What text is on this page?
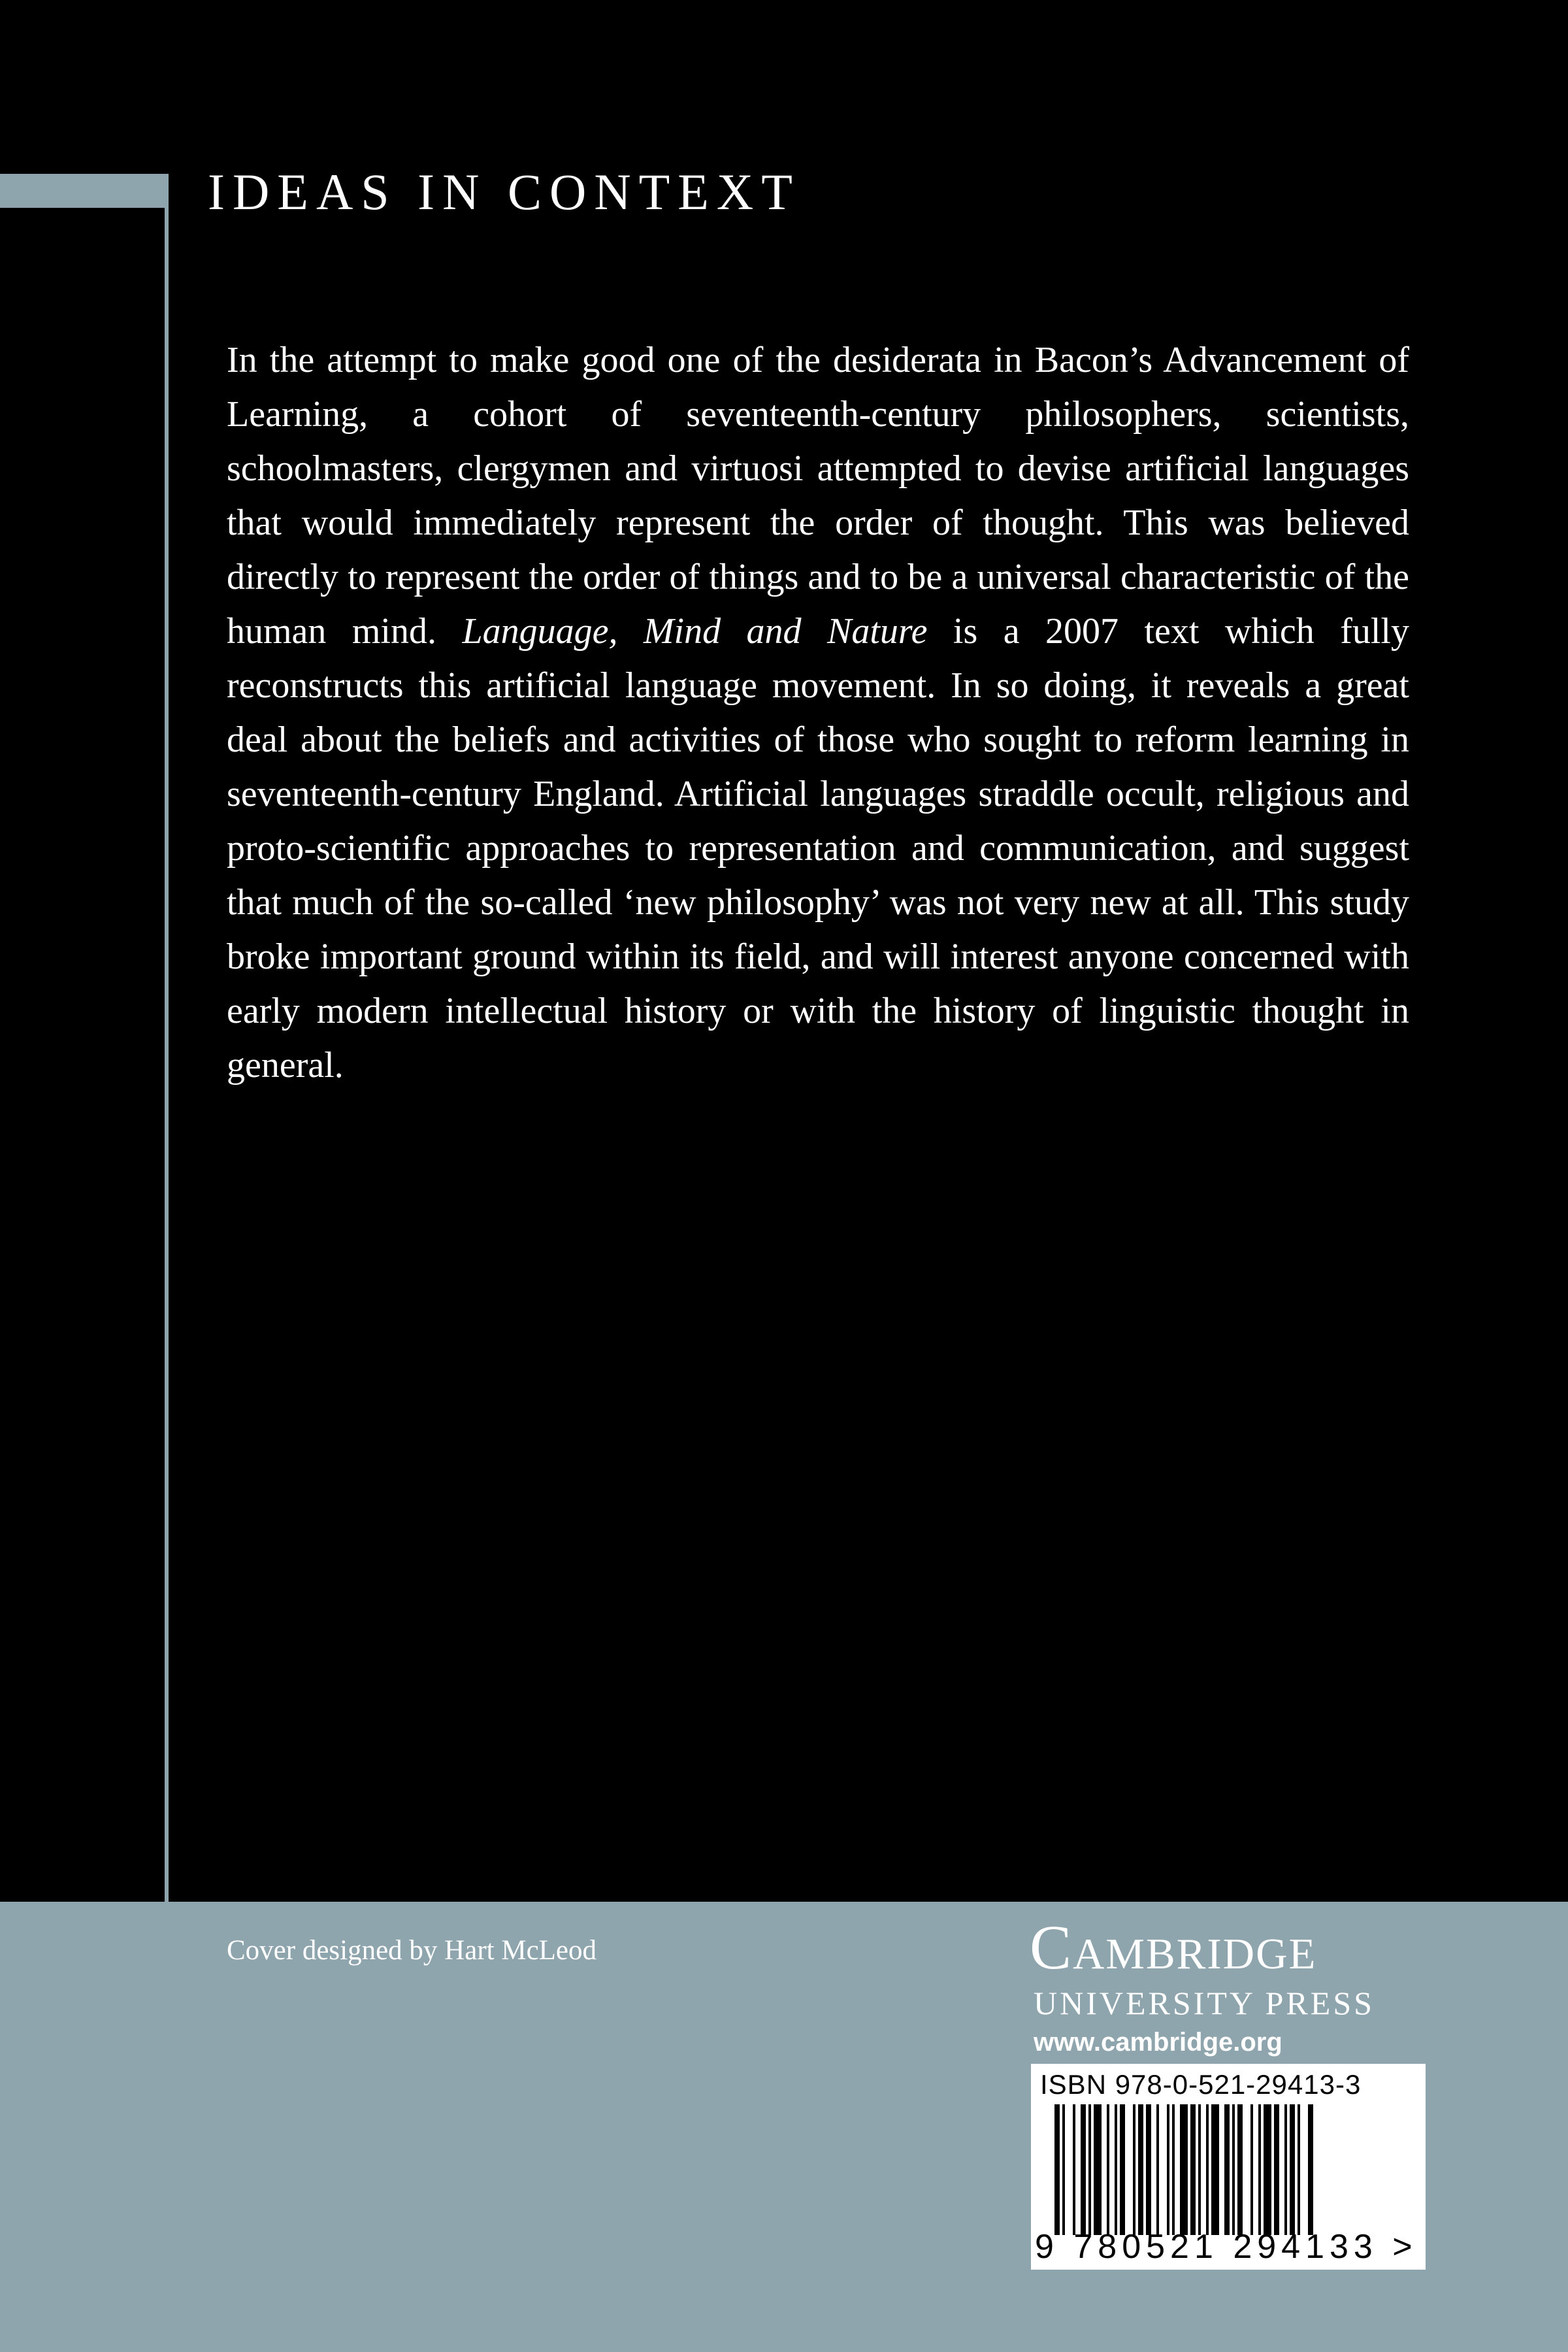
IDEAS IN CONTEXT

In the attempt to make good one of the desiderata in Bacon’s Advancement of Learning, a cohort of seventeenth-century philosophers, scientists, schoolmasters, clergymen and virtuosi attempted to devise artificial languages that would immediately represent the order of thought. This was believed directly to represent the order of things and to be a universal characteristic of the human mind. Language, Mind and Nature is a 2007 text which fully reconstructs this artificial language movement. In so doing, it reveals a great deal about the beliefs and activities of those who sought to reform learning in seventeenth-century England. Artificial languages straddle occult, religious and proto-scientific approaches to representation and communication, and suggest that much of the so-called ‘new philosophy’ was not very new at all. This study broke important ground within its field, and will interest anyone concerned with early modern intellectual history or with the history of linguistic thought in general.

Cover designed by Hart McLeod	Cambridge
UNIVERSITY PRESS
www.cambridge.org
ISBN 978-0-521-29413-3
9 780521 294133 >
